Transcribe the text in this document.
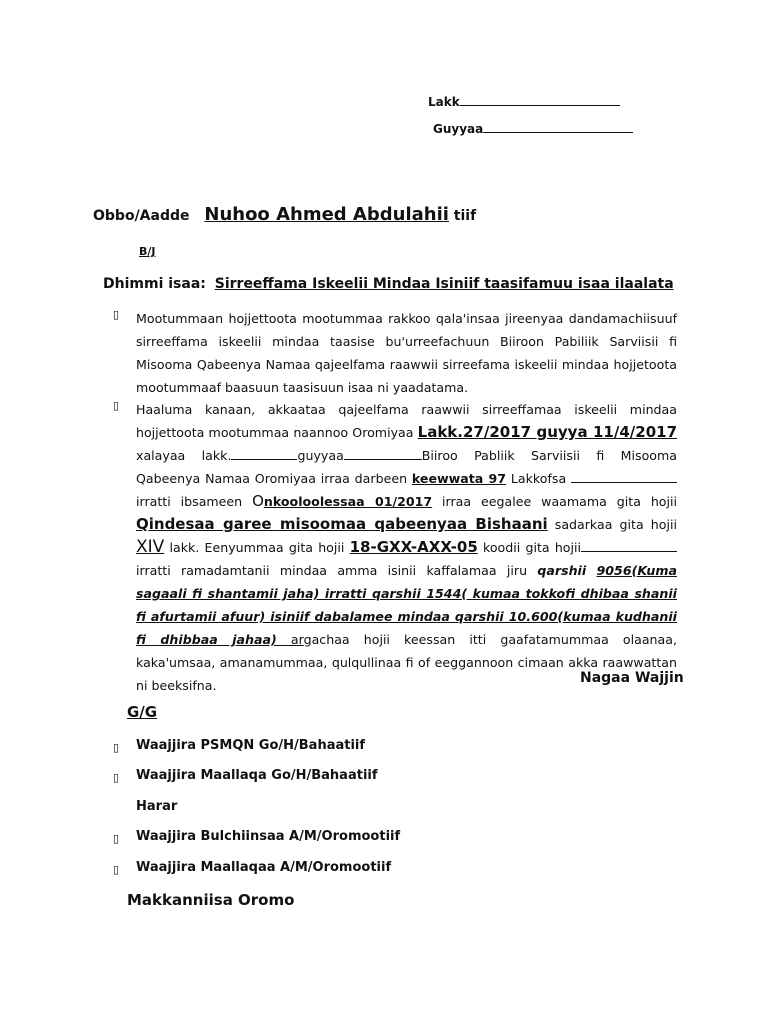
Lakk
Guyyaa
Obbo/Aadde Nuhoo Ahmed Abdulahii tiif
B/J
Dhimmi isaa: Sirreeffama Iskeelii Mindaa Isiniif taasifamuu isaa ilaalata
▯ Mootummaan hojjettoota mootummaa rakkoo qala'insaa jireenyaa dandamachiisuuf sirreeffama iskeelii mindaa taasise bu'urreefachuun Biiroon Pabiliik Sarviisii fi Misooma Qabeenya Namaa qajeelfama raawwii sirreefama iskeelii mindaa hojjetoota mootummaaf baasuun taasisuun isaa ni yaadatama.
▯ Haaluma kanaan, akkaataa qajeelfama raawwii sirreeffamaa iskeelii mindaa hojjettoota mootummaa naannoo Oromiyaa Lakk.27/2017 guyya 11/4/2017 xalayaa lakk.	guyyaa	Biiroo Pabliik Sarviisii fi Misooma Qabeenya Namaa Oromiyaa irraa darbeen keewwata 97 Lakkofsa irratti ibsameen Onkooloolessaa 01/2017 irraa eegalee waamama gita hojii Qindesaa garee misoomaa qabeenyaa Bishaani sadarkaa gita hojii XIV lakk. Eenyummaa gita hojii 18-GXX-AXX-05 koodii gita hojiiirratti ramadamtanii mindaa amma isinii kaffalamaa jiru qarshii 9056(Kuma sagaali fi shantamii jaha) irratti qarshii 1544( kumaa tokkofi dhibaa shanii fi afurtamii afuur) isiniif dabalamee mindaa qarshii 10.600(kumaa kudhanii fi dhibbaa jahaa) argachaa hojii keessan itti gaafatamummaa olaanaa, kaka'umsaa, amanamummaa, qulqullinaa fi of eeggannoon cimaan akka raawwattan ni beeksifna.	Nagaa Wajjin
G/G
▯ Waajjira PSMQN Go/H/Bahaatiif
▯ Waajjira Maallaqa Go/H/Bahaatiif
Harar
▯ Waajjira Bulchiinsaa A/M/Oromootiif
▯ Waajjira Maallaqaa A/M/Oromootiif
Makkanniisa Oromo
